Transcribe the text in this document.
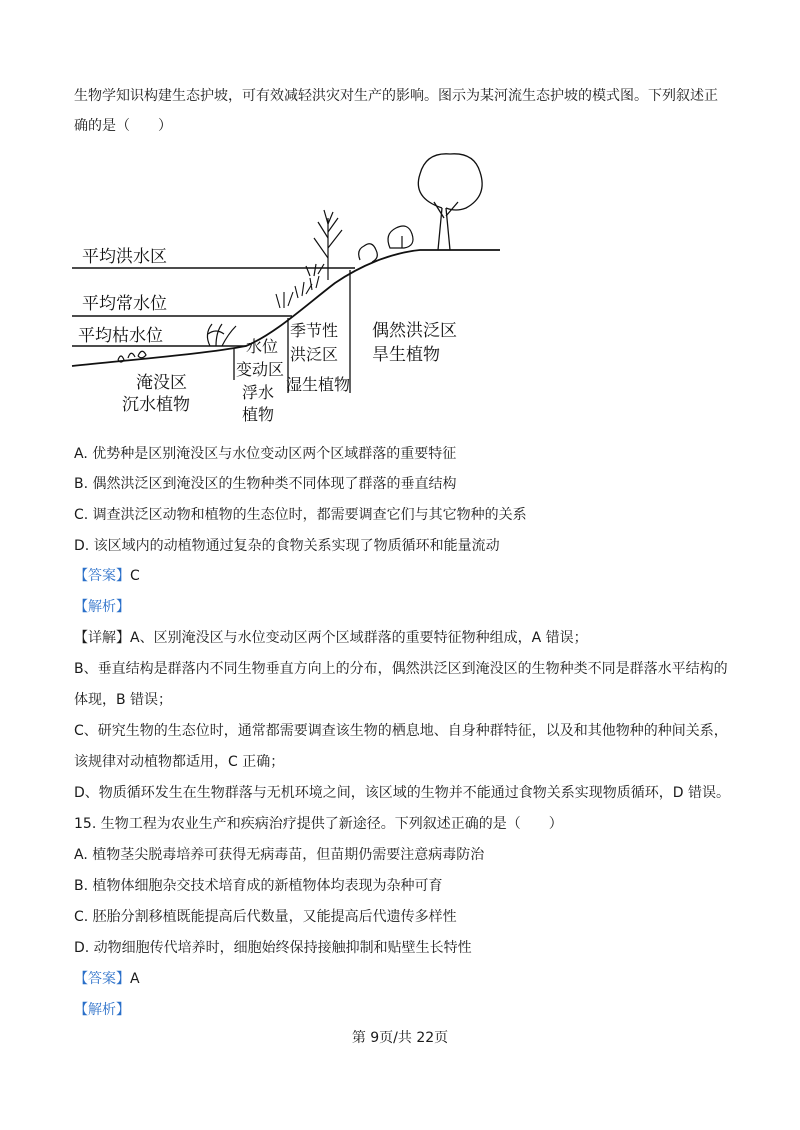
生物学知识构建生态护坡，可有效减轻洪灾对生产的影响。图示为某河流生态护坡的模式图。下列叙述正
确的是（　　）
平均洪水区
平均常水位
平均枯水位
淹没区
沉水植物
水位
变动区
浮水
植物
季节性
洪泛区
湿生植物
偶然洪泛区
旱生植物
A. 优势种是区别淹没区与水位变动区两个区域群落的重要特征
B. 偶然洪泛区到淹没区的生物种类不同体现了群落的垂直结构
C. 调查洪泛区动物和植物的生态位时，都需要调查它们与其它物种的关系
D. 该区域内的动植物通过复杂的食物关系实现了物质循环和能量流动
【答案】C
【解析】
【详解】A、区别淹没区与水位变动区两个区域群落的重要特征物种组成，A 错误；
B、垂直结构是群落内不同生物垂直方向上的分布，偶然洪泛区到淹没区的生物种类不同是群落水平结构的
体现，B 错误；
C、研究生物的生态位时，通常都需要调查该生物的栖息地、自身种群特征，以及和其他物种的种间关系，
该规律对动植物都适用，C 正确；
D、物质循环发生在生物群落与无机环境之间，该区域的生物并不能通过食物关系实现物质循环，D 错误。
15. 生物工程为农业生产和疾病治疗提供了新途径。下列叙述正确的是（　　）
A. 植物茎尖脱毒培养可获得无病毒苗，但苗期仍需要注意病毒防治
B. 植物体细胞杂交技术培育成的新植物体均表现为杂种可育
C. 胚胎分割移植既能提高后代数量，又能提高后代遗传多样性
D. 动物细胞传代培养时，细胞始终保持接触抑制和贴壁生长特性
【答案】A
【解析】
第 9页/共 22页
